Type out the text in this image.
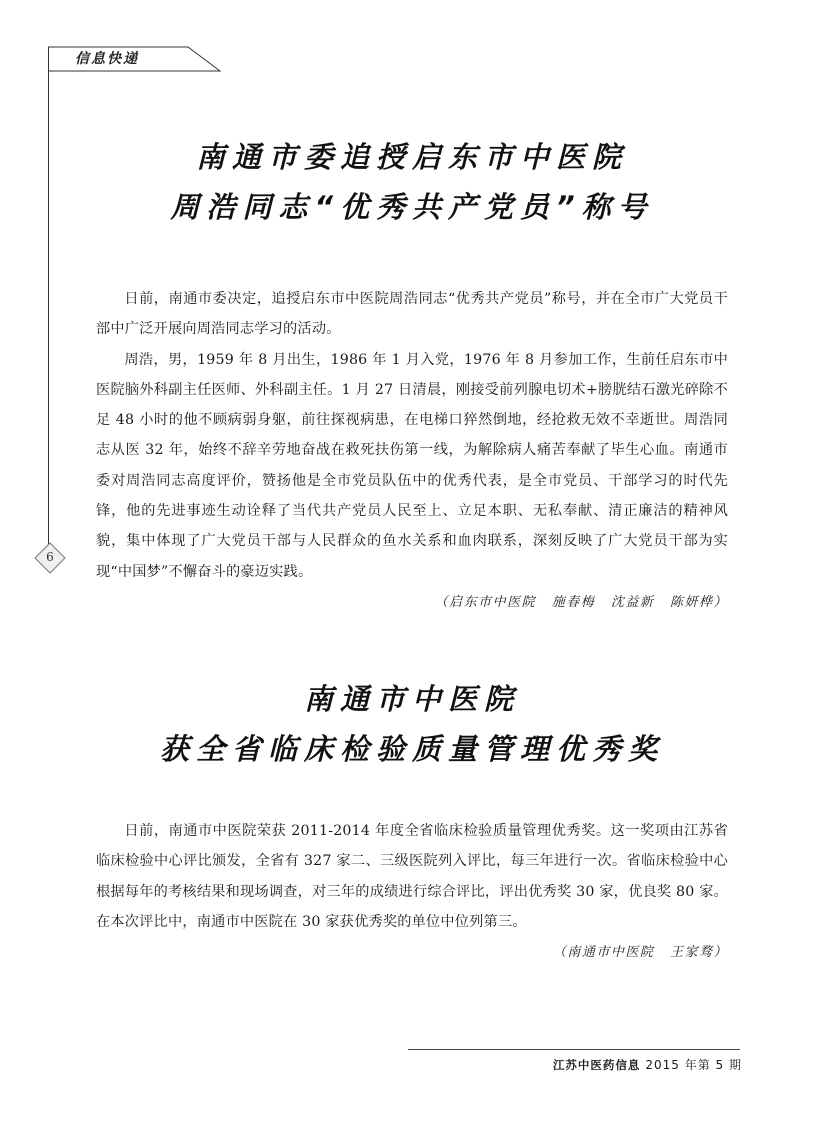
信息快递
6
南通市委追授启东市中医院
周浩同志“优秀共产党员”称号

日前，南通市委决定，追授启东市中医院周浩同志“优秀共产党员”称号，并在全市广大党员干部中广泛开展向周浩同志学习的活动。

周浩，男，1959 年 8 月出生，1986 年 1 月入党，1976 年 8 月参加工作，生前任启东市中医院脑外科副主任医师、外科副主任。1 月 27 日清晨，刚接受前列腺电切术+膀胱结石激光碎除不足 48 小时的他不顾病弱身躯，前往探视病患，在电梯口猝然倒地，经抢救无效不幸逝世。周浩同志从医 32 年，始终不辞辛劳地奋战在救死扶伤第一线，为解除病人痛苦奉献了毕生心血。南通市委对周浩同志高度评价，赞扬他是全市党员队伍中的优秀代表，是全市党员、干部学习的时代先锋，他的先进事迹生动诠释了当代共产党员人民至上、立足本职、无私奉献、清正廉洁的精神风貌，集中体现了广大党员干部与人民群众的鱼水关系和血肉联系，深刻反映了广大党员干部为实现“中国梦”不懈奋斗的豪迈实践。

（启东市中医院 施春梅 沈益新 陈妍桦）
南通市中医院
获全省临床检验质量管理优秀奖

日前，南通市中医院荣获 2011-2014 年度全省临床检验质量管理优秀奖。这一奖项由江苏省临床检验中心评比颁发，全省有 327 家二、三级医院列入评比，每三年进行一次。省临床检验中心根据每年的考核结果和现场调查，对三年的成绩进行综合评比，评出优秀奖 30 家，优良奖 80 家。在本次评比中，南通市中医院在 30 家获优秀奖的单位中位列第三。

（南通市中医院 王家骛）
江苏中医药信息 2015 年第 5 期
